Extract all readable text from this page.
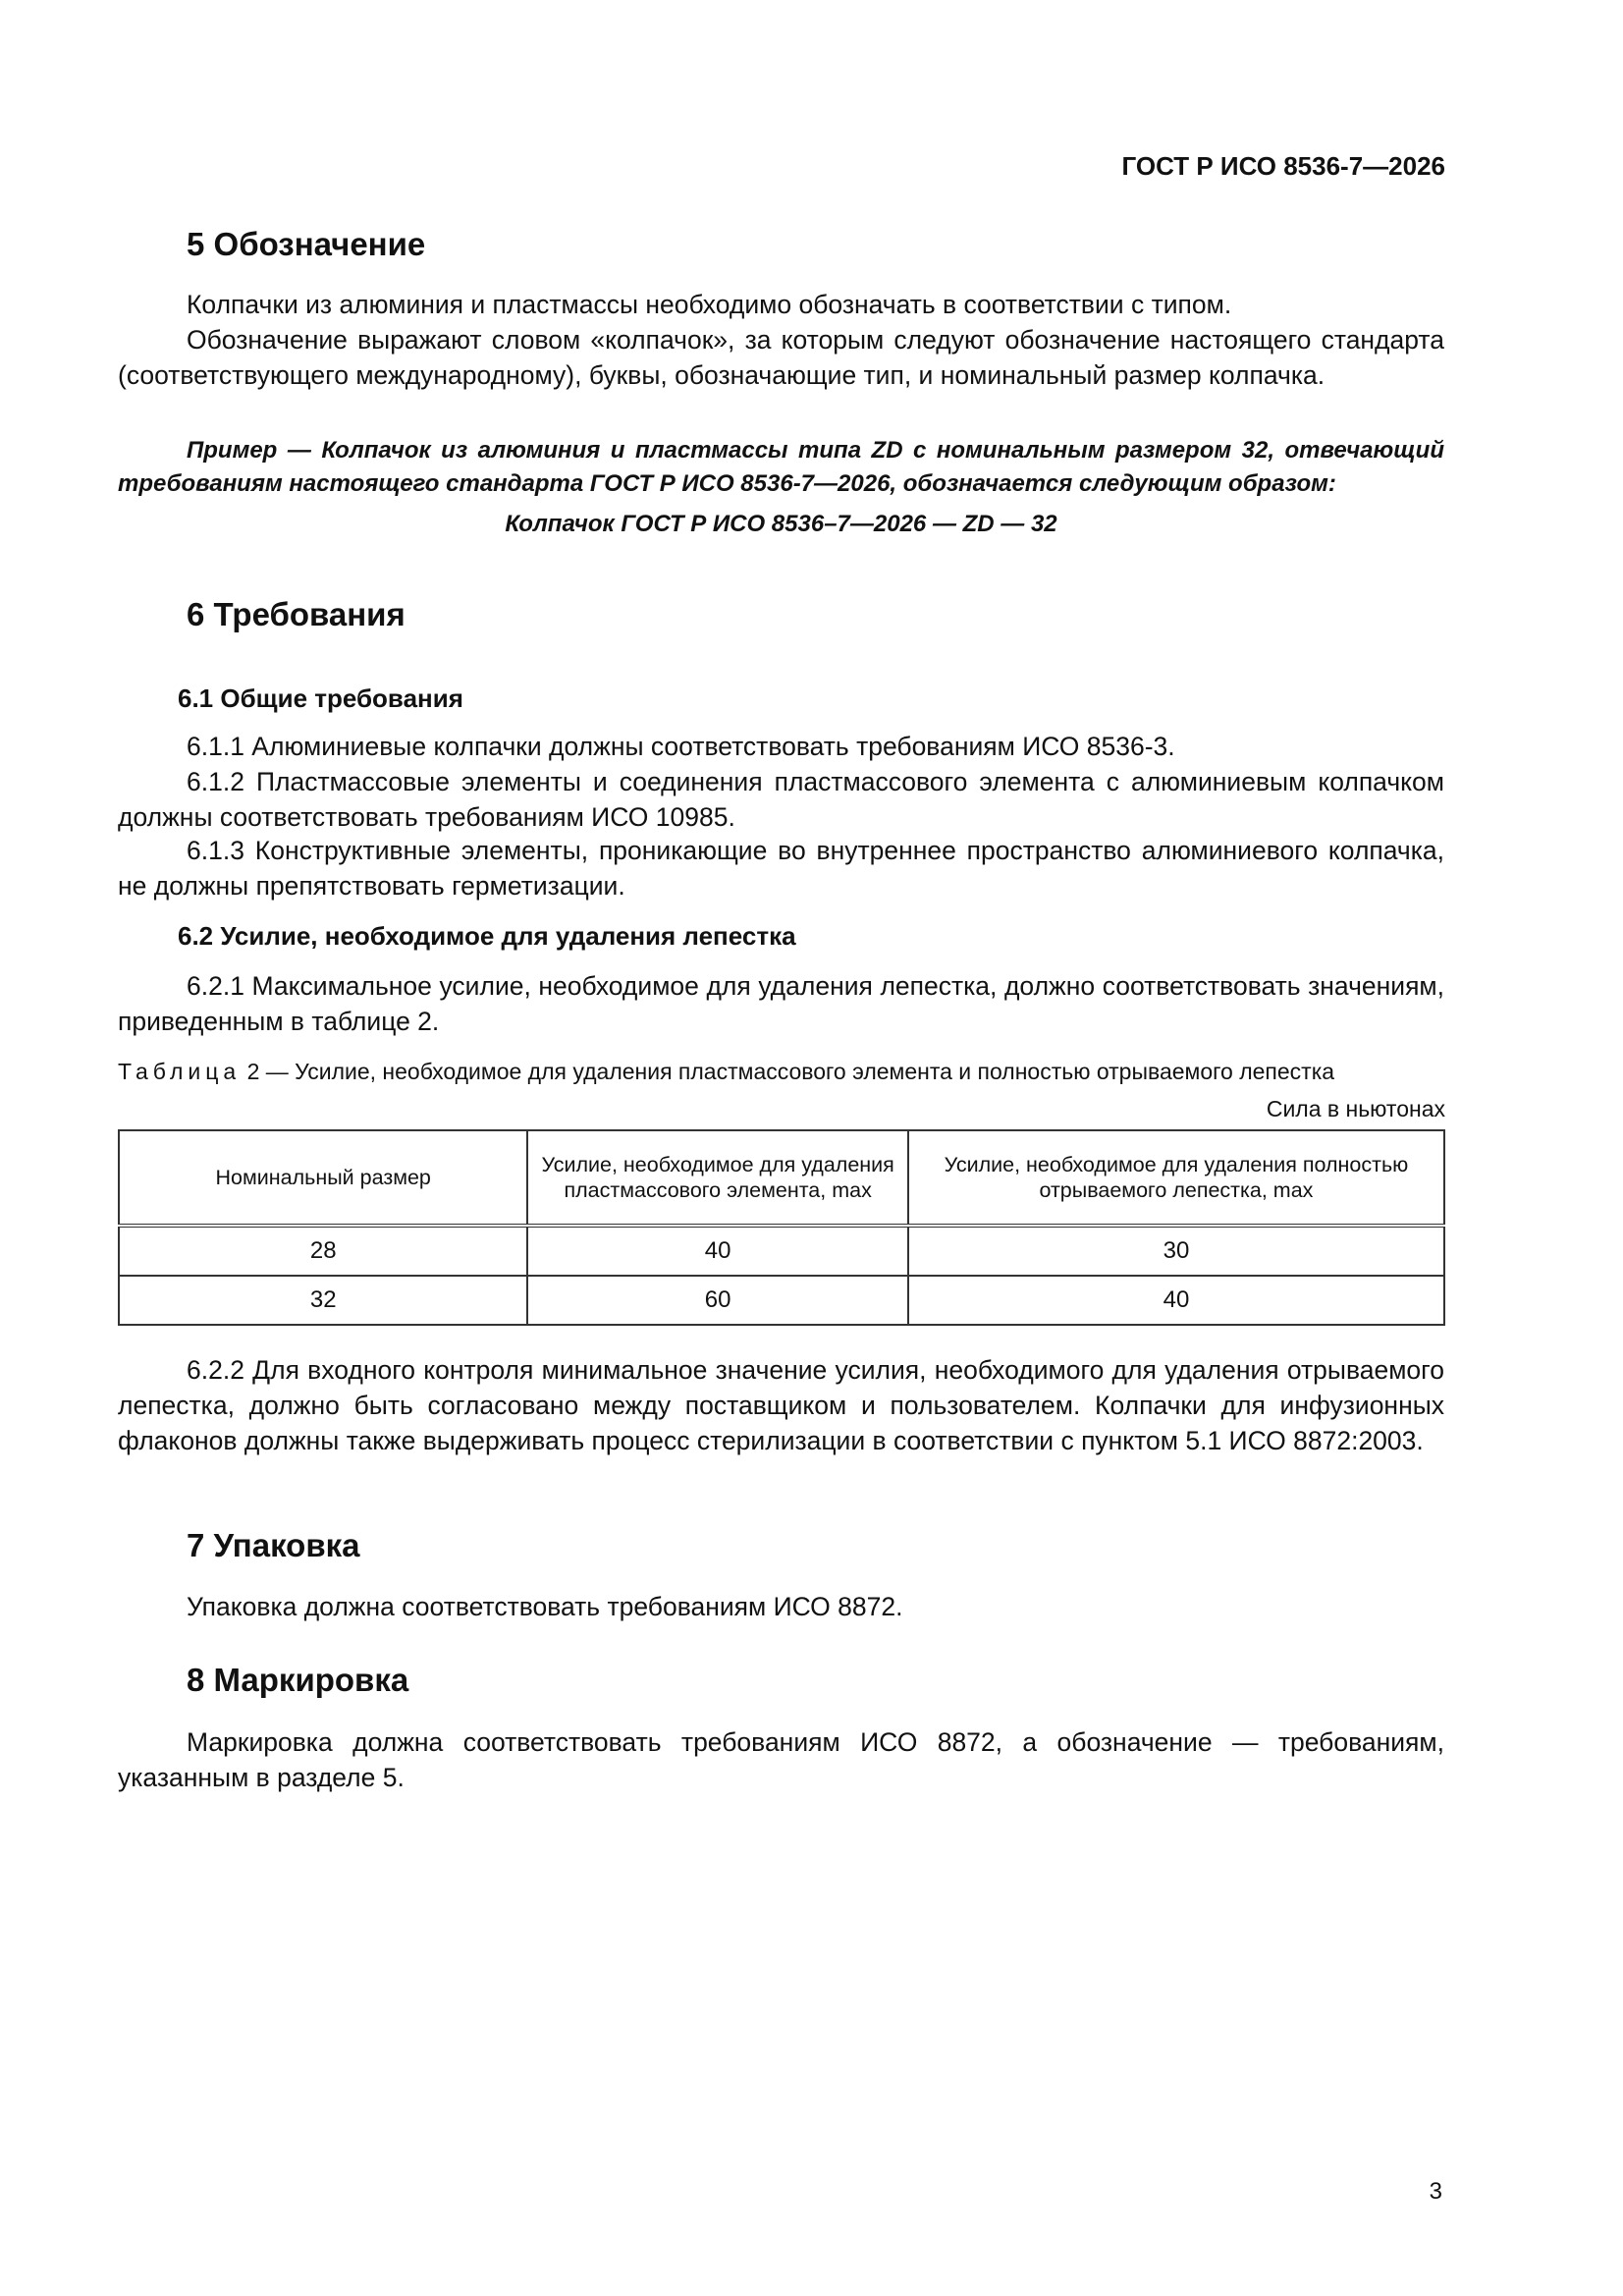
ГОСТ Р ИСО 8536-7—2026
5 Обозначение

Колпачки из алюминия и пластмассы необходимо обозначать в соответствии с типом.

Обозначение выражают словом «колпачок», за которым следуют обозначение настоящего стандарта (соответствующего международному), буквы, обозначающие тип, и номинальный размер колпачка.

Пример — Колпачок из алюминия и пластмассы типа ZD с номинальным размером 32, отвечающий требованиям настоящего стандарта ГОСТ Р ИСО 8536-7—2026, обозначается следующим образом:

Колпачок ГОСТ Р ИСО 8536–7—2026 — ZD — 32
6 Требования
6.1 Общие требования

6.1.1 Алюминиевые колпачки должны соответствовать требованиям ИСО 8536-3.

6.1.2 Пластмассовые элементы и соединения пластмассового элемента с алюминиевым колпачком должны соответствовать требованиям ИСО 10985.

6.1.3 Конструктивные элементы, проникающие во внутреннее пространство алюминиевого колпачка, не должны препятствовать герметизации.

6.2 Усилие, необходимое для удаления лепестка

6.2.1 Максимальное усилие, необходимое для удаления лепестка, должно соответствовать значениям, приведенным в таблице 2.

Таблица 2 — Усилие, необходимое для удаления пластмассового элемента и полностью отрываемого лепестка
Сила в ньютонах
Номинальный размер	Усилие, необходимое для удаления пластмассового элемента, max	Усилие, необходимое для удаления полностью отрываемого лепестка, max
28	40	30
32	60	40

6.2.2 Для входного контроля минимальное значение усилия, необходимого для удаления отрываемого лепестка, должно быть согласовано между поставщиком и пользователем. Колпачки для инфузионных флаконов должны также выдерживать процесс стерилизации в соответствии с пунктом 5.1 ИСО 8872:2003.

7 Упаковка

Упаковка должна соответствовать требованиям ИСО 8872.

8 Маркировка

Маркировка должна соответствовать требованиям ИСО 8872, а обозначение — требованиям, указанным в разделе 5.

3
